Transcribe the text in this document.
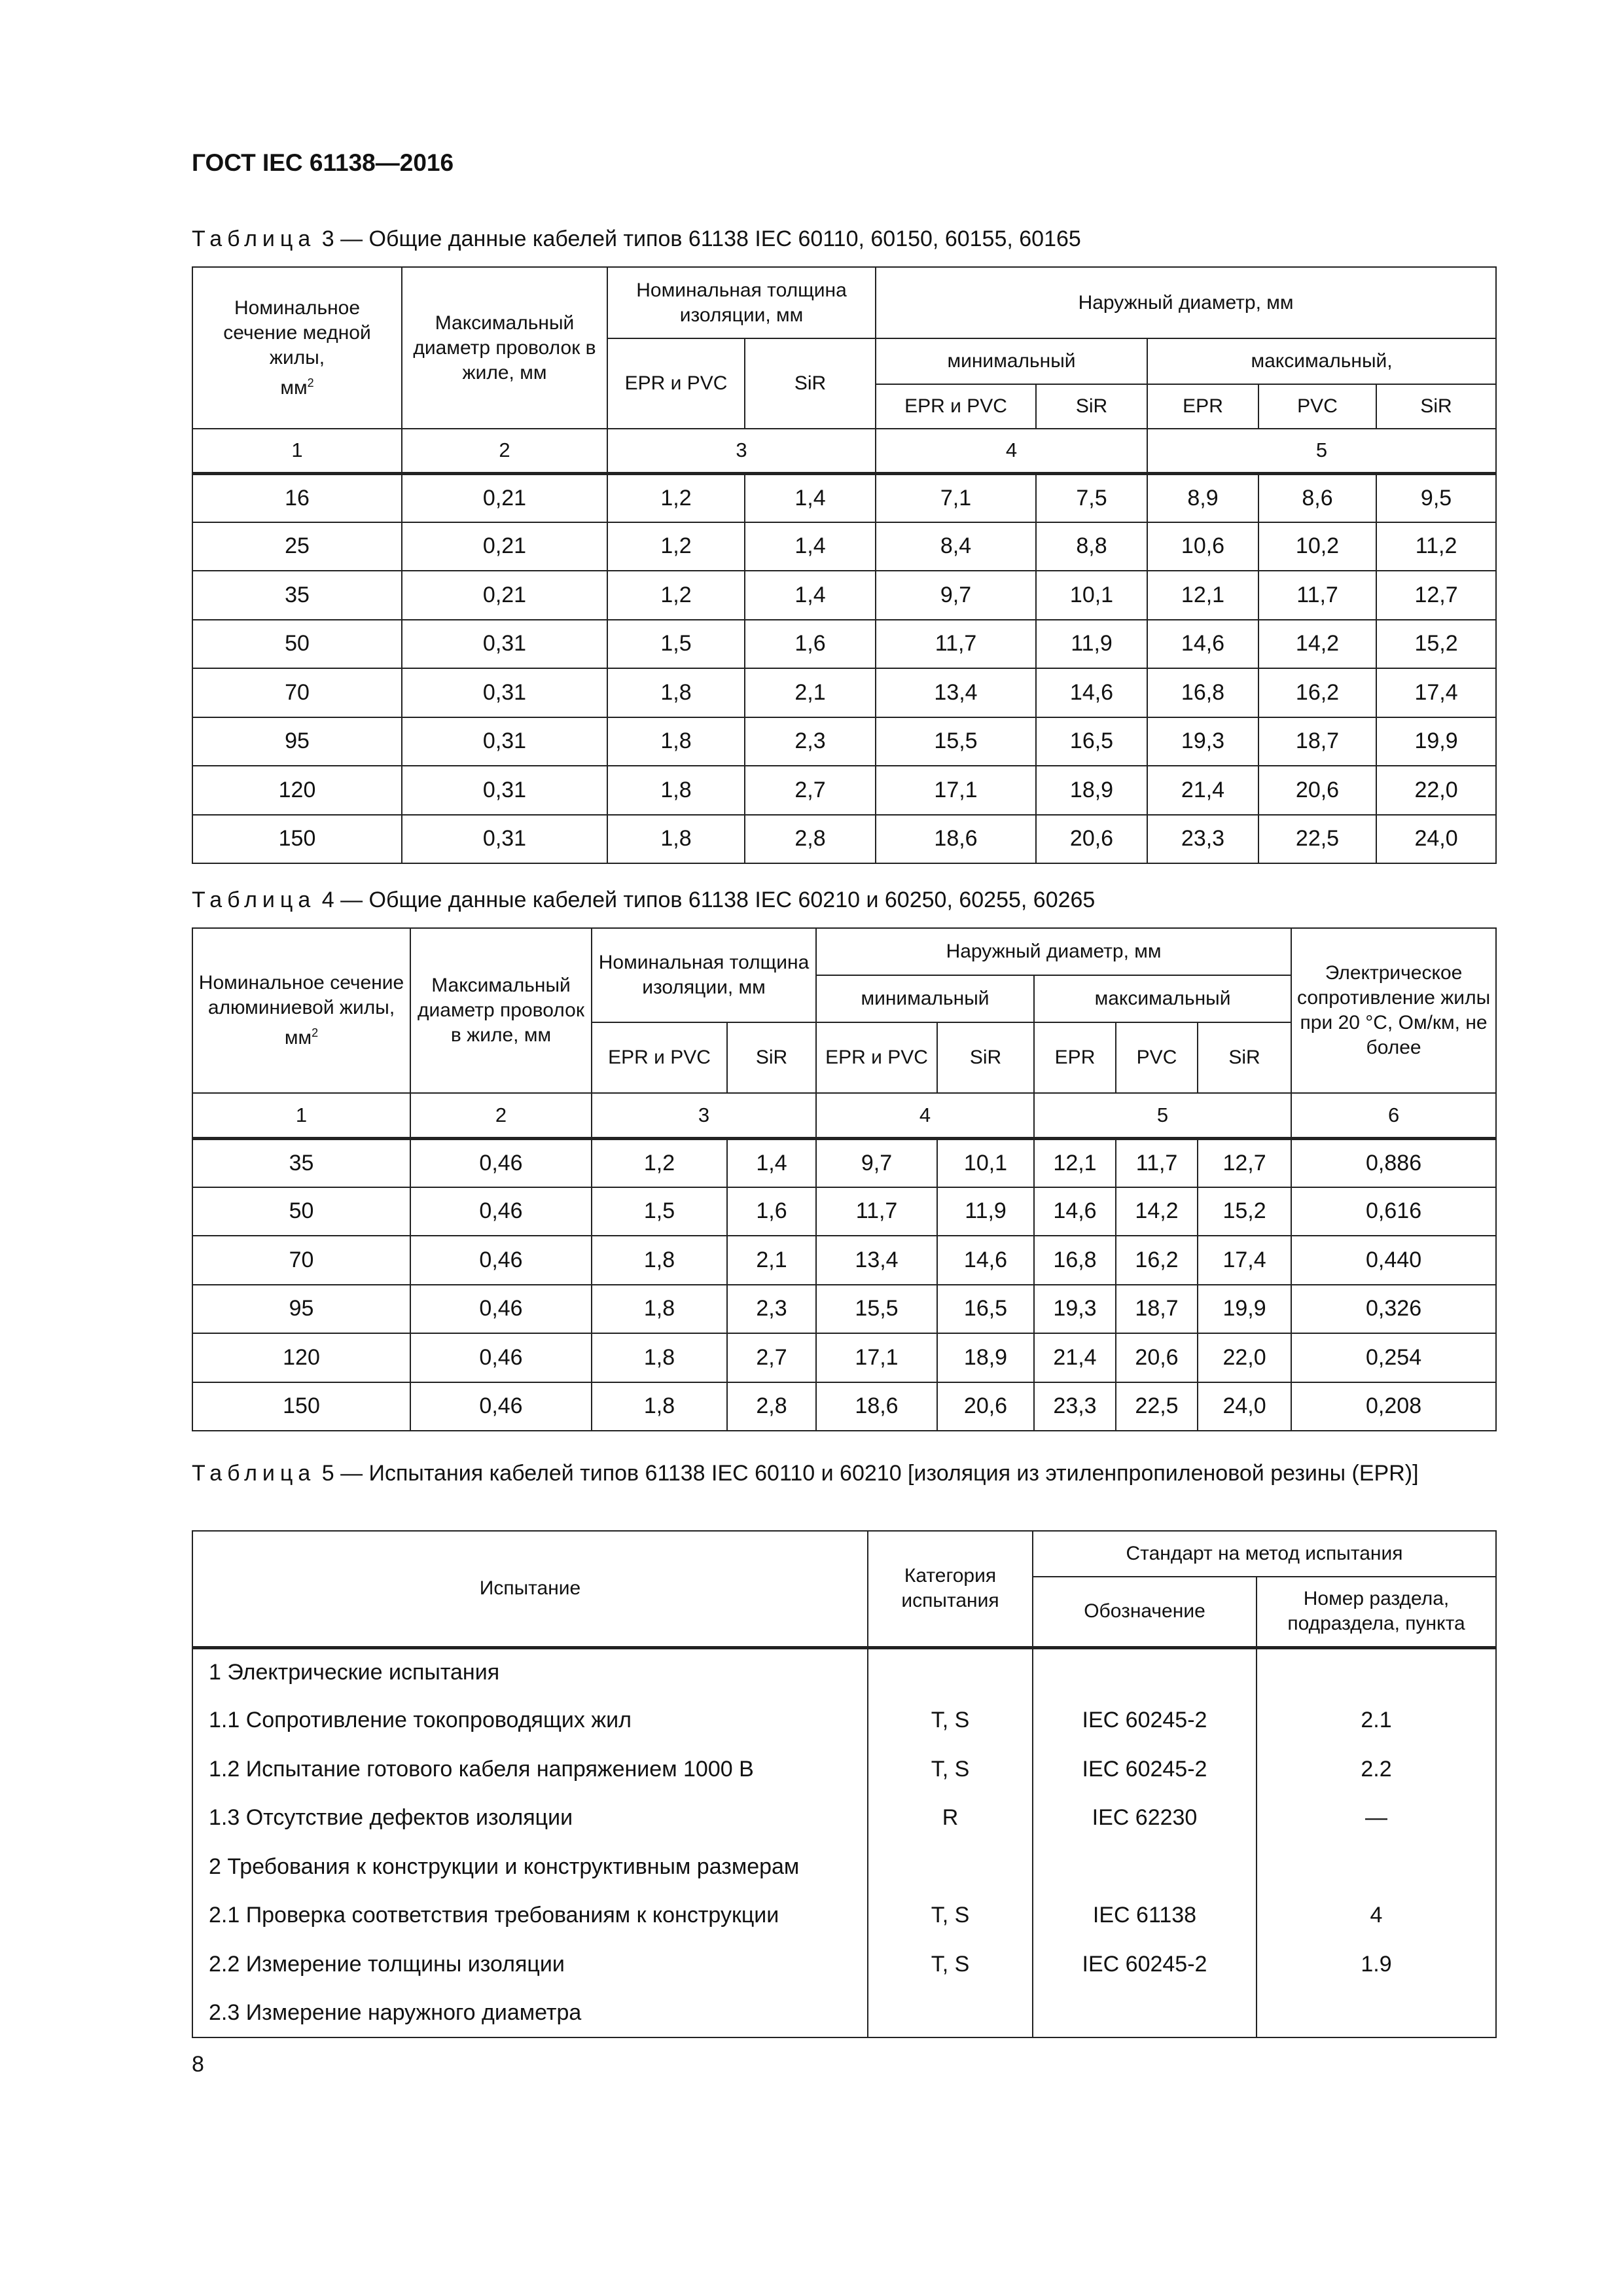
ГОСТ IEC 61138—2016
Таблица 3 — Общие данные кабелей типов 61138 IEC 60110, 60150, 60155, 60165
Номинальное сечение медной жилы,
$мм^2$	Максимальный диаметр проволок в жиле, мм	Номинальная толщина изоляции, мм		Наружный диаметр, мм				
		EPR и PVC	SiR	минимальный		максимальный,		
				EPR и PVC	SiR	EPR	PVC	SiR
1	2	3		4		5		
16	0,21	1,2	1,4	7,1	7,5	8,9	8,6	9,5
25	0,21	1,2	1,4	8,4	8,8	10,6	10,2	11,2
35	0,21	1,2	1,4	9,7	10,1	12,1	11,7	12,7
50	0,31	1,5	1,6	11,7	11,9	14,6	14,2	15,2
70	0,31	1,8	2,1	13,4	14,6	16,8	16,2	17,4
95	0,31	1,8	2,3	15,5	16,5	19,3	18,7	19,9
120	0,31	1,8	2,7	17,1	18,9	21,4	20,6	22,0
150	0,31	1,8	2,8	18,6	20,6	23,3	22,5	24,0
Таблица 4 — Общие данные кабелей типов 61138 IEC 60210 и 60250, 60255, 60265
Номинальное сечение алюминиевой жилы, $мм^2$	Максимальный диаметр проволок в жиле, мм	Номинальная толщина изоляции, мм		Наружный диаметр, мм					Электрическое сопротивление жилы при 20 °С, Ом/км, не более
				минимальный		максимальный			
		EPR и PVC	SiR	EPR и PVC	SiR	EPR	PVC	SiR	
1	2	3		4		5			6
35	0,46	1,2	1,4	9,7	10,1	12,1	11,7	12,7	0,886
50	0,46	1,5	1,6	11,7	11,9	14,6	14,2	15,2	0,616
70	0,46	1,8	2,1	13,4	14,6	16,8	16,2	17,4	0,440
95	0,46	1,8	2,3	15,5	16,5	19,3	18,7	19,9	0,326
120	0,46	1,8	2,7	17,1	18,9	21,4	20,6	22,0	0,254
150	0,46	1,8	2,8	18,6	20,6	23,3	22,5	24,0	0,208
Таблица 5 — Испытания кабелей типов 61138 IEC 60110 и 60210 [изоляция из этиленпропиленовой резины (EPR)]
Испытание	Категория испытания	Стандарт на метод испытания	
		Обозначение	Номер раздела, подраздела, пункта
1 Электрические испытания			
1.1 Сопротивление токопроводящих жил	T, S	IEC 60245-2	2.1
1.2 Испытание готового кабеля напряжением 1000 В	T, S	IEC 60245-2	2.2
1.3 Отсутствие дефектов изоляции	R	IEC 62230	—
2 Требования к конструкции и конструктивным размерам			
2.1 Проверка соответствия требованиям к конструкции	T, S	IEC 61138	4
2.2 Измерение толщины изоляции	T, S	IEC 60245-2	1.9
2.3 Измерение наружного диаметра			
8
